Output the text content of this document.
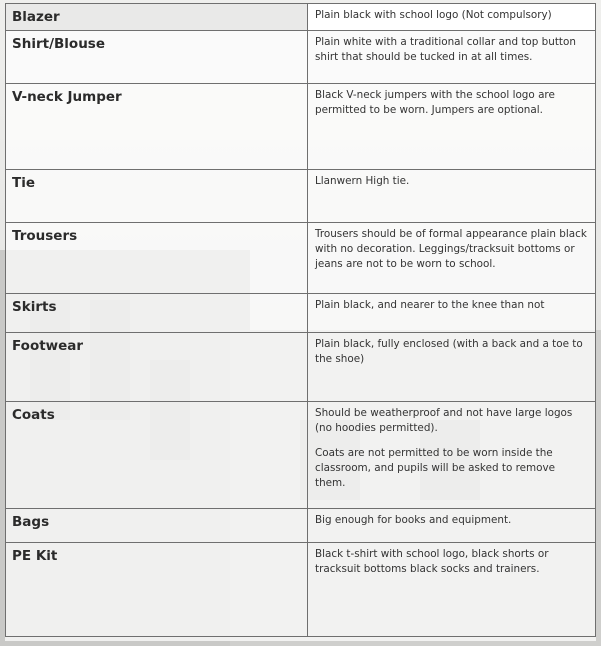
Blazer	Plain black with school logo (Not compulsory)

Shirt/Blouse	Plain white with a traditional collar and top button shirt that should be tucked in at all times.

V-neck Jumper	Black V-neck jumpers with the school logo are permitted to be worn. Jumpers are optional.

Tie	Llanwern High tie.

Trousers	Trousers should be of formal appearance plain black with no decoration. Leggings/tracksuit bottoms or jeans are not to be worn to school.

Skirts	Plain black, and nearer to the knee than not

Footwear	Plain black, fully enclosed (with a back and a toe to the shoe)

Coats	Should be weatherproof and not have large logos (no hoodies permitted).

Coats are not permitted to be worn inside the classroom, and pupils will be asked to remove them.

Bags	Big enough for books and equipment.

PE Kit	Black t-shirt with school logo, black shorts or tracksuit bottoms black socks and trainers.
